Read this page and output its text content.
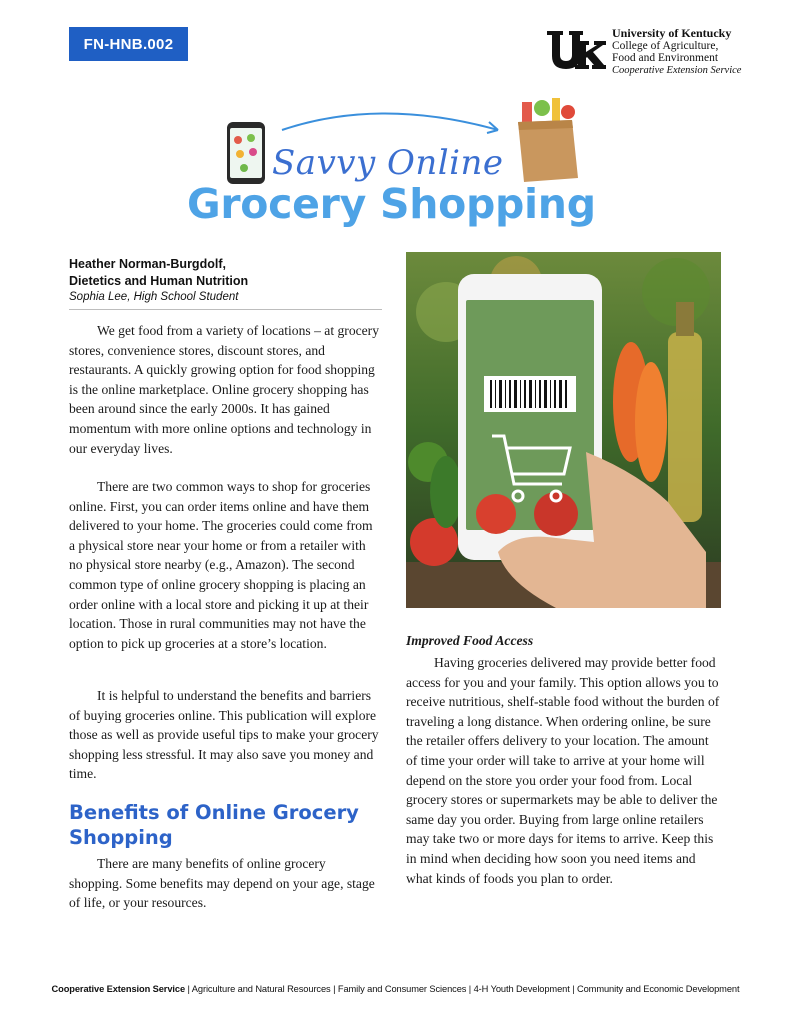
FN-HNB.002
University of Kentucky
College of Agriculture,
Food and Environment
Cooperative Extension Service
Savvy Online
Grocery Shopping
Heather Norman-Burgdolf,
Dietetics and Human Nutrition
Sophia Lee, High School Student

We get food from a variety of locations – at grocery stores, convenience stores, discount stores, and restaurants. A quickly growing option for food shopping is the online marketplace. Online grocery shopping has been around since the early 2000s. It has gained momentum with more online options and technology in our everyday lives.

There are two common ways to shop for groceries online. First, you can order items online and have them delivered to your home. The groceries could come from a physical store near your home or from a retailer with no physical store nearby (e.g., Amazon). The second common type of online grocery shopping is placing an order online with a local store and picking it up at their location. Those in rural communities may not have the option to pick up groceries at a store’s location.

It is helpful to understand the benefits and barriers of buying groceries online. This publication will explore those as well as provide useful tips to make your grocery shopping less stressful. It may also save you money and time.

Benefits of Online Grocery Shopping

There are many benefits of online grocery shopping. Some benefits may depend on your age, stage of life, or your resources.

Improved Food Access

Having groceries delivered may provide better food access for you and your family. This option allows you to receive nutritious, shelf-stable food without the burden of traveling a long distance. When ordering online, be sure the retailer offers delivery to your location. The amount of time your order will take to arrive at your home will depend on the store you order your food from. Local grocery stores or supermarkets may be able to deliver the same day you order. Buying from large online retailers may take two or more days for items to arrive. Keep this in mind when deciding how soon you need items and what kinds of foods you plan to order.

Cooperative Extension Service | Agriculture and Natural Resources | Family and Consumer Sciences | 4-H Youth Development | Community and Economic Development
